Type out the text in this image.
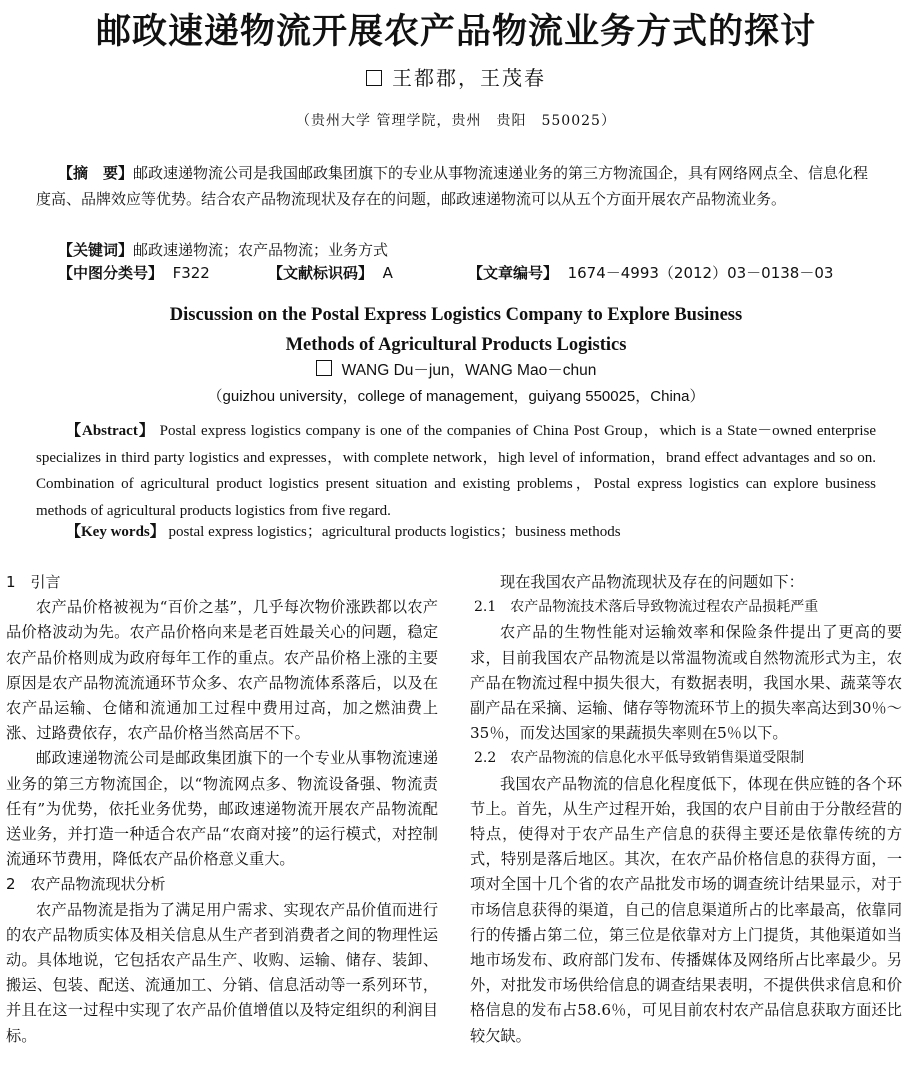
邮政速递物流开展农产品物流业务方式的探讨
王都郡，王茂春
（贵州大学 管理学院，贵州　贵阳　550025）
【摘　要】邮政速递物流公司是我国邮政集团旗下的专业从事物流速递业务的第三方物流国企，具有网络网点全、信息化程度高、品牌效应等优势。结合农产品物流现状及存在的问题，邮政速递物流可以从五个方面开展农产品物流业务。
【关键词】邮政速递物流；农产品物流；业务方式
【中图分类号】 F322	【文献标识码】 A	【文章编号】 1674－4993（2012）03－0138－03
Discussion on the Postal Express Logistics Company to Explore Business
Methods of Agricultural Products Logistics
WANG Du－jun，WANG Mao－chun
（guizhou university，college of management，guiyang 550025，China）
【Abstract】 Postal express logistics company is one of the companies of China Post Group，which is a State－owned enterprise specializes in third party logistics and expresses，with complete network，high level of information，brand effect advantages and so on. Combination of agricultural product logistics present situation and existing problems，Postal express logistics can explore business methods of agricultural products logistics from five regard.
【Key words】 postal express logistics；agricultural products logistics；business methods

1　引言

农产品价格被视为“百价之基”，几乎每次物价涨跌都以农产品价格波动为先。农产品价格向来是老百姓最关心的问题，稳定农产品价格则成为政府每年工作的重点。农产品价格上涨的主要原因是农产品物流流通环节众多、农产品物流体系落后，以及在农产品运输、仓储和流通加工过程中费用过高，加之燃油费上涨、过路费依存，农产品价格当然高居不下。

邮政速递物流公司是邮政集团旗下的一个专业从事物流速递业务的第三方物流国企，以“物流网点多、物流设备强、物流责任有”为优势，依托业务优势，邮政速递物流开展农产品物流配送业务，并打造一种适合农产品“农商对接”的运行模式，对控制流通环节费用，降低农产品价格意义重大。

2　农产品物流现状分析

农产品物流是指为了满足用户需求、实现农产品价值而进行的农产品物质实体及相关信息从生产者到消费者之间的物理性运动。具体地说，它包括农产品生产、收购、运输、储存、装卸、搬运、包装、配送、流通加工、分销、信息活动等一系列环节，并且在这一过程中实现了农产品价值增值以及特定组织的利润目标。

现在我国农产品物流现状及存在的问题如下：

2.1　农产品物流技术落后导致物流过程农产品损耗严重

农产品的生物性能对运输效率和保险条件提出了更高的要求，目前我国农产品物流是以常温物流或自然物流形式为主，农产品在物流过程中损失很大，有数据表明，我国水果、蔬菜等农副产品在采摘、运输、储存等物流环节上的损失率高达到30％～35％，而发达国家的果蔬损失率则在5％以下。

2.2　农产品物流的信息化水平低导致销售渠道受限制

我国农产品物流的信息化程度低下，体现在供应链的各个环节上。首先，从生产过程开始，我国的农户目前由于分散经营的特点，使得对于农产品生产信息的获得主要还是依靠传统的方式，特别是落后地区。其次，在农产品价格信息的获得方面，一项对全国十几个省的农产品批发市场的调查统计结果显示，对于市场信息获得的渠道，自己的信息渠道所占的比率最高，依靠同行的传播占第二位，第三位是依靠对方上门提货，其他渠道如当地市场发布、政府部门发布、传播媒体及网络所占比率最少。另外，对批发市场供给信息的调查结果表明，不提供供求信息和价格信息的发布占58.6％，可见目前农村农产品信息获取方面还比较欠缺。
